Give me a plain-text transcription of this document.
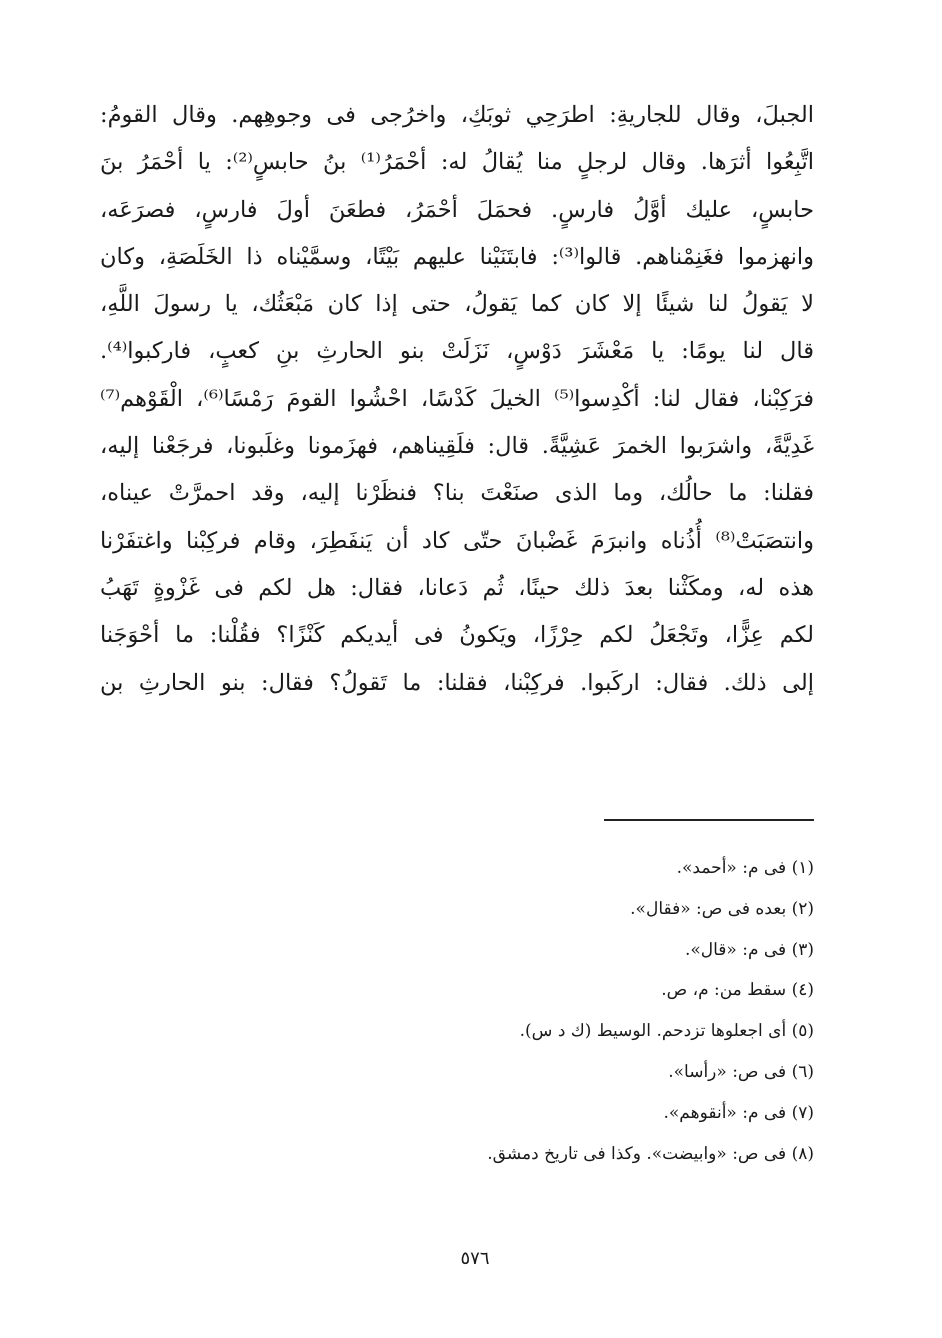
الجبلَ، وقال للجاريةِ: اطرَحِي ثوبَكِ، واخرُجى فى وجوهِهم. وقال القومُ:
اتَّبِعُوا أثرَها. وقال لرجلٍ منا يُقالُ له: أحْمَرُ⁽¹⁾ بنُ حابسٍ⁽²⁾: يا أحْمَرُ بنَ
حابسٍ، عليك أوَّلُ فارسٍ. فحمَلَ أحْمَرُ، فطعَنَ أولَ فارسٍ، فصرَعَه،
وانهزموا فغَنِمْناهم. قالوا⁽³⁾: فابتَنَيْنا عليهم بَيْتًا، وسمَّيْناه ذا الخَلَصَةِ، وكان
لا يَقولُ لنا شيئًا إلا كان كما يَقولُ، حتى إذا كان مَبْعَثُك، يا رسولَ اللَّهِ،
قال لنا يومًا: يا مَعْشَرَ دَوْسٍ، نَزَلَتْ بنو الحارثِ بنِ كعبٍ، فاركبوا⁽⁴⁾.
فرَكِبْنا، فقال لنا: أكْدِسوا⁽⁵⁾ الخيلَ كَدْسًا، احْشُوا القومَ رَمْسًا⁽⁶⁾، الْقَوْهم⁽⁷⁾
غَدِيَّةً، واشرَبوا الخمرَ عَشِيَّةً. قال: فلَقِيناهم، فهزَمونا وغلَبونا، فرجَعْنا إليه،
فقلنا: ما حالُك، وما الذى صنَعْتَ بنا؟ فنظَرْنا إليه، وقد احمرَّتْ عيناه،
وانتصَبَتْ⁽⁸⁾ أُذُناه وانبرَمَ غَضْبانَ حتّى كاد أن يَنفَطِرَ، وقام فركِبْنا واغتفَرْنا
هذه له، ومكَثْنا بعدَ ذلك حينًا، ثُم دَعانا، فقال: هل لكم فى غَزْوةٍ تَهَبُ
لكم عِزًّا، وتَجْعَلُ لكم حِرْزًا، ويَكونُ فى أيديكم كَنْزًا؟ فقُلْنا: ما أحْوَجَنا
إلى ذلك. فقال: اركَبوا. فركِبْنا، فقلنا: ما تَقولُ؟ فقال: بنو الحارثِ بن
(١) فى م: «أحمد».
(٢) بعده فى ص: «فقال».
(٣) فى م: «قال».
(٤) سقط من: م، ص.
(٥) أى اجعلوها تزدحم. الوسيط (ك د س).
(٦) فى ص: «رأسا».
(٧) فى م: «أنقوهم».
(٨) فى ص: «وابيضت». وكذا فى تاريخ دمشق.
٥٧٦
